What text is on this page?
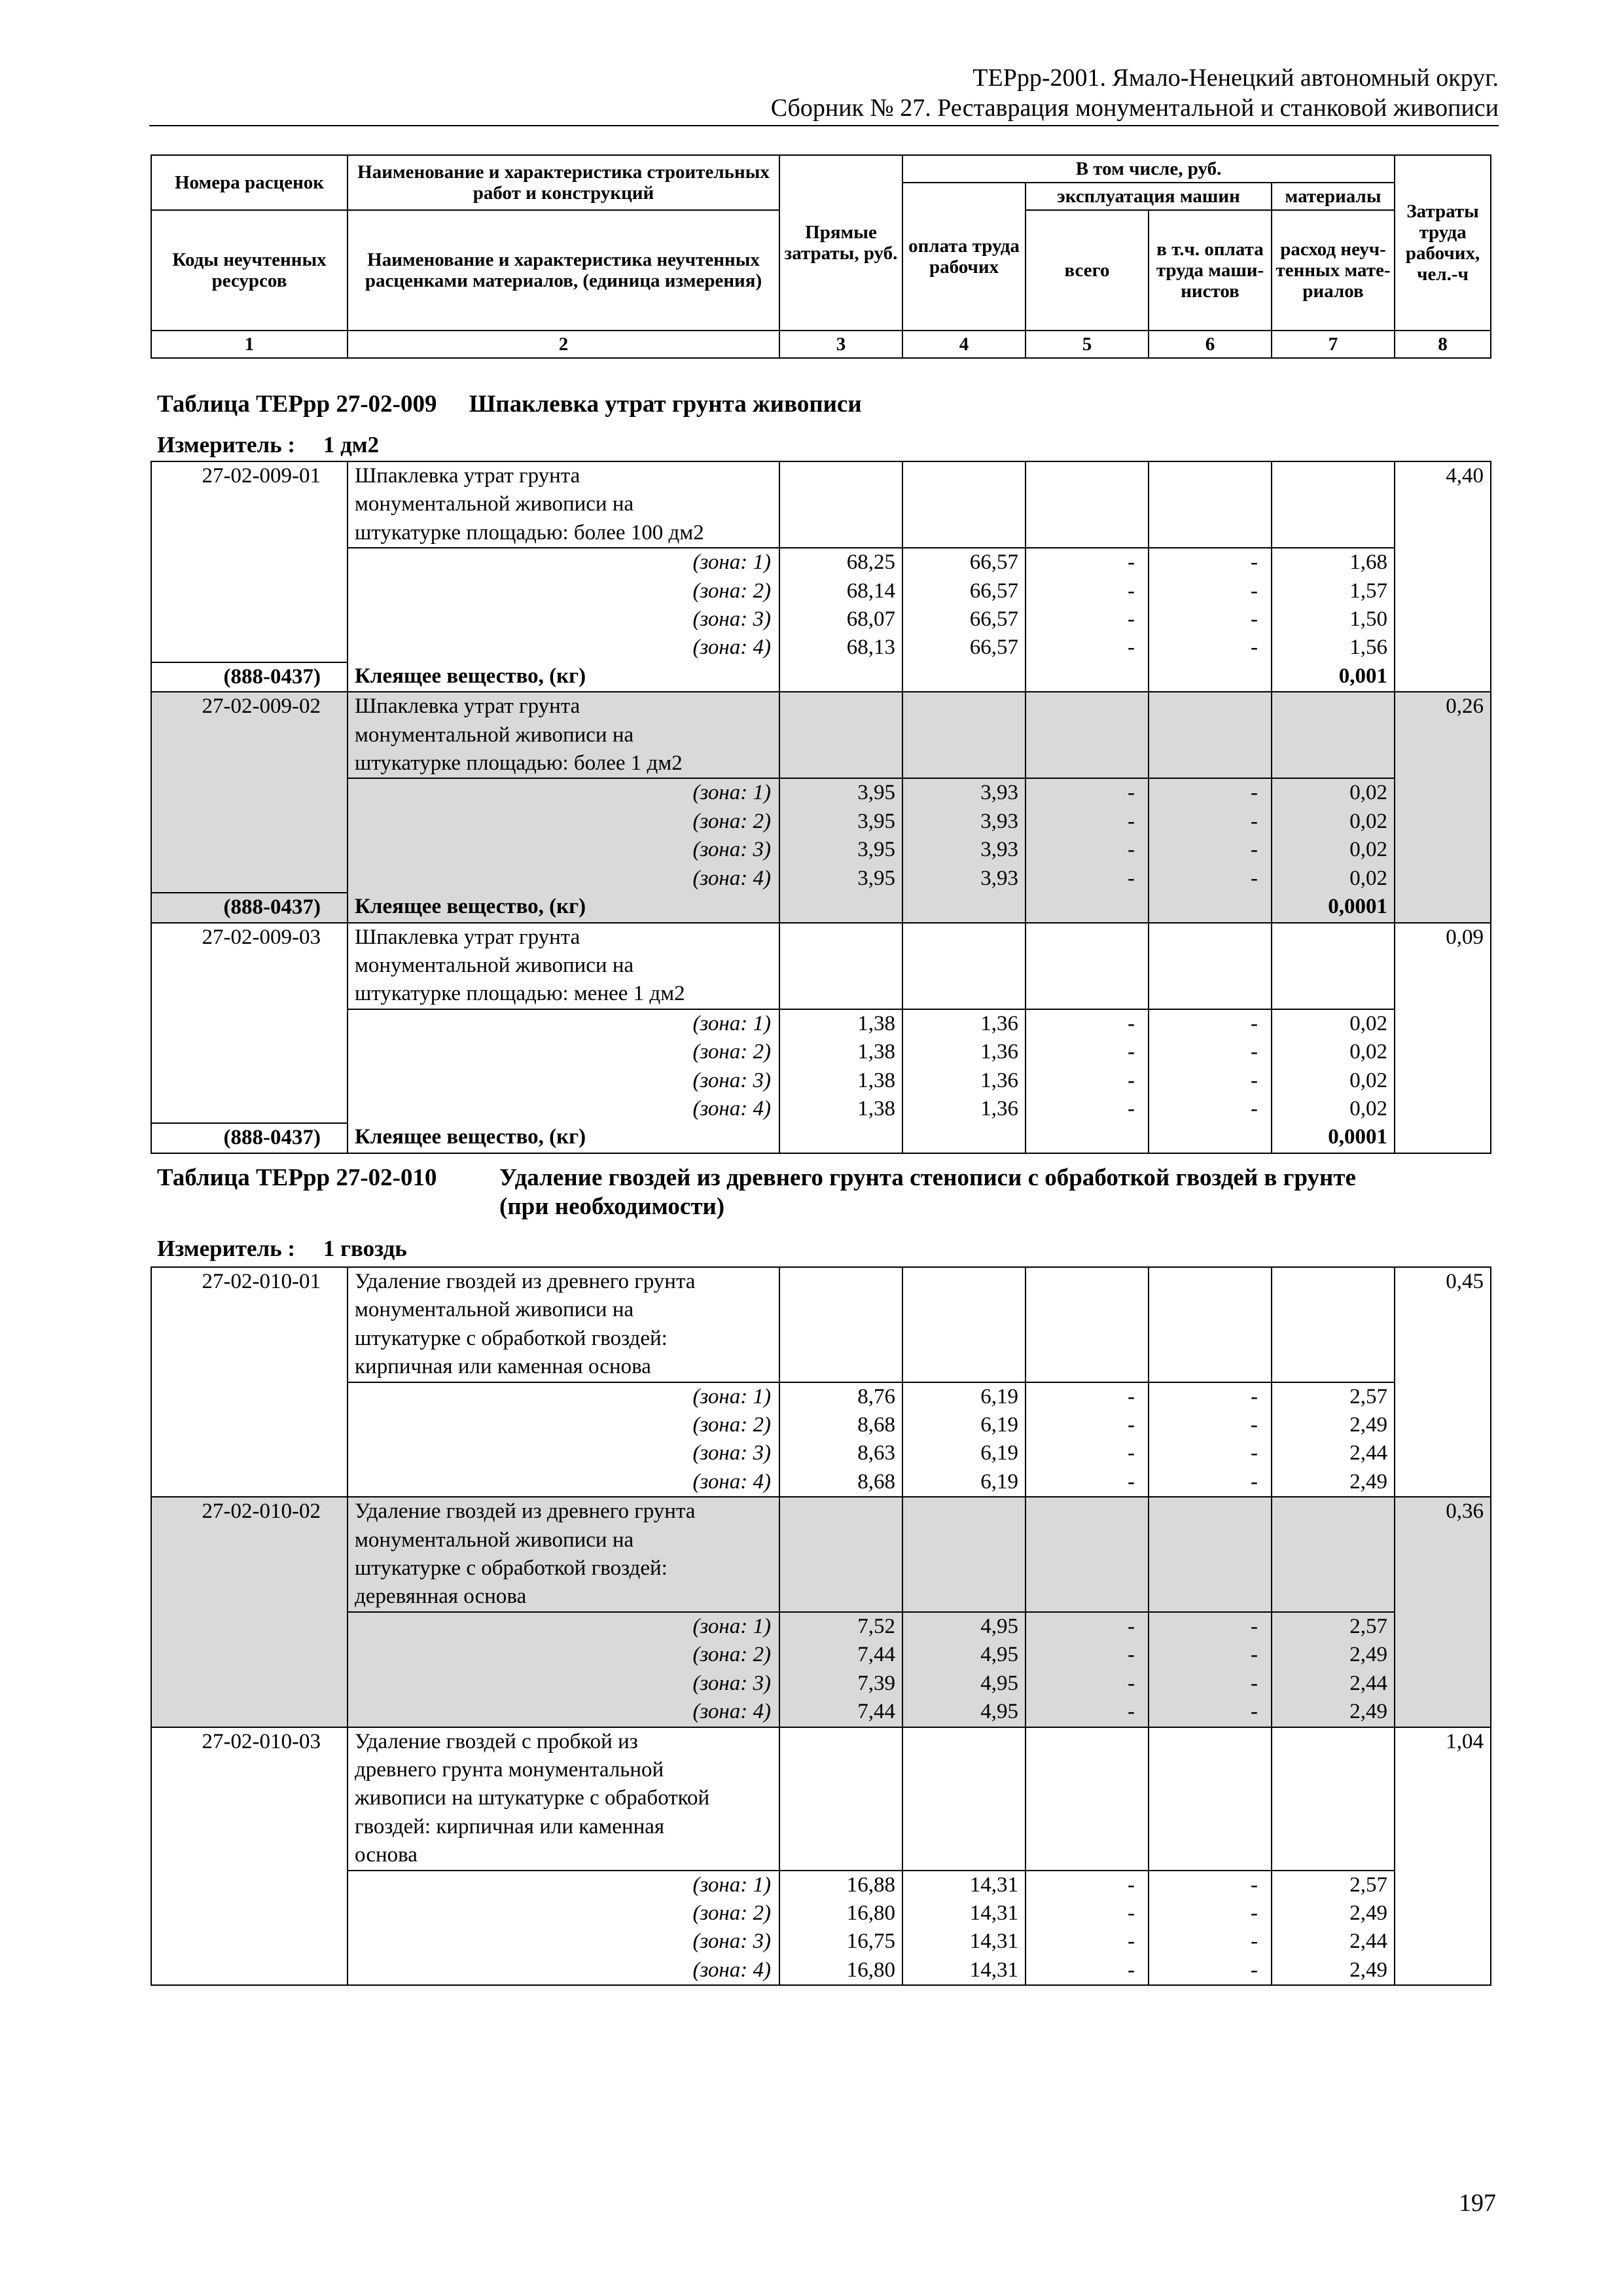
ТЕРрр-2001. Ямало-Ненецкий автономный округ.
Сборник № 27. Реставрация монументальной и станковой живописи
Номера расценок	Наименование и характеристика строительных работ и конструкций	Прямые затраты, руб.	В том числе, руб.				Затраты труда рабочих, чел.-ч
			оплата труда рабочих	эксплуатация машин		материалы	
Коды неучтенных ресурсов	Наименование и характеристика неучтенных расценками материалов, (единица измерения)			всего	в т.ч. оплата труда маши-нистов	расход неуч-тенных мате-риалов	

1	2	3	4	5	6	7	8
Таблица ТЕРрр 27-02-009 Шпаклевка утрат грунта живописи
Измеритель : 1 дм2
27-02-009-01	Шпаклевка утрат грунта
монументальной живописи на
штукатурке площадью: более 100 дм2						4,40

	(зона: 1)	68,25	66,57	-	-	1,68	
	(зона: 2)	68,14	66,57	-	-	1,57	
	(зона: 3)	68,07	66,57	-	-	1,50	
	(зона: 4)	68,13	66,57	-	-	1,56	
(888-0437)	Клеящее вещество, (кг)					0,001	
27-02-009-02	Шпаклевка утрат грунта
монументальной живописи на
штукатурке площадью: более 1 дм2						0,26

	(зона: 1)	3,95	3,93	-	-	0,02	
	(зона: 2)	3,95	3,93	-	-	0,02	
	(зона: 3)	3,95	3,93	-	-	0,02	
	(зона: 4)	3,95	3,93	-	-	0,02	
(888-0437)	Клеящее вещество, (кг)					0,0001	
27-02-009-03	Шпаклевка утрат грунта
монументальной живописи на
штукатурке площадью: менее 1 дм2						0,09

	(зона: 1)	1,38	1,36	-	-	0,02	
	(зона: 2)	1,38	1,36	-	-	0,02	
	(зона: 3)	1,38	1,36	-	-	0,02	
	(зона: 4)	1,38	1,36	-	-	0,02	
(888-0437)	Клеящее вещество, (кг)					0,0001	
Таблица ТЕРрр 27-02-010	Удаление гвоздей из древнего грунта стенописи с обработкой гвоздей в грунте
(при необходимости)
Измеритель : 1 гвоздь
27-02-010-01	Удаление гвоздей из древнего грунта
монументальной живописи на
штукатурке с обработкой гвоздей:
кирпичная или каменная основа						0,45

	(зона: 1)	8,76	6,19	-	-	2,57	
	(зона: 2)	8,68	6,19	-	-	2,49	
	(зона: 3)	8,63	6,19	-	-	2,44	
	(зона: 4)	8,68	6,19	-	-	2,49	
27-02-010-02	Удаление гвоздей из древнего грунта
монументальной живописи на
штукатурке с обработкой гвоздей:
деревянная основа						0,36

	(зона: 1)	7,52	4,95	-	-	2,57	
	(зона: 2)	7,44	4,95	-	-	2,49	
	(зона: 3)	7,39	4,95	-	-	2,44	
	(зона: 4)	7,44	4,95	-	-	2,49	
27-02-010-03	Удаление гвоздей с пробкой из
древнего грунта монументальной
живописи на штукатурке с обработкой
гвоздей: кирпичная или каменная
основа						1,04

	(зона: 1)	16,88	14,31	-	-	2,57	
	(зона: 2)	16,80	14,31	-	-	2,49	
	(зона: 3)	16,75	14,31	-	-	2,44	
	(зона: 4)	16,80	14,31	-	-	2,49	
197
